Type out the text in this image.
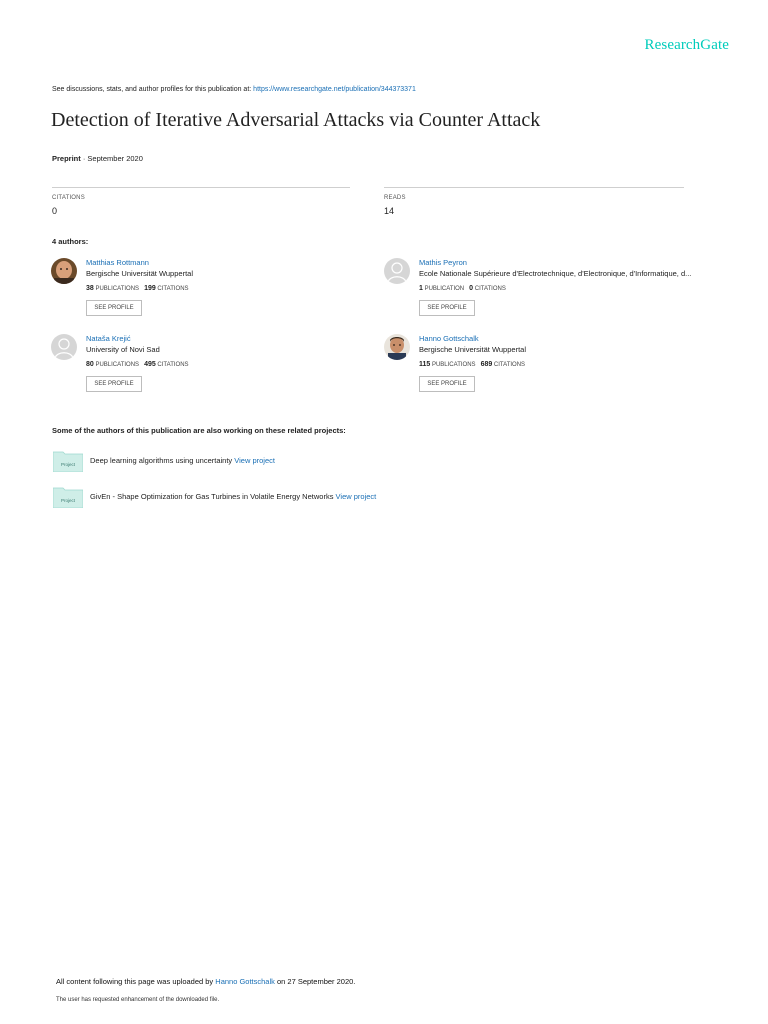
ResearchGate
See discussions, stats, and author profiles for this publication at: https://www.researchgate.net/publication/344373371
Detection of Iterative Adversarial Attacks via Counter Attack
Preprint · September 2020
CITATIONS
0
READS
14
4 authors:
Matthias Rottmann
Bergische Universität Wuppertal
38 PUBLICATIONS 199 CITATIONS
SEE PROFILE
Mathis Peyron
Ecole Nationale Supérieure d'Electrotechnique, d'Electronique, d'Informatique, d...
1 PUBLICATION 0 CITATIONS
SEE PROFILE
Nataša Krejić
University of Novi Sad
80 PUBLICATIONS 495 CITATIONS
SEE PROFILE
Hanno Gottschalk
Bergische Universität Wuppertal
115 PUBLICATIONS 689 CITATIONS
SEE PROFILE
Some of the authors of this publication are also working on these related projects:
Project Deep learning algorithms using uncertainty View project
Project GivEn - Shape Optimization for Gas Turbines in Volatile Energy Networks View project
All content following this page was uploaded by Hanno Gottschalk on 27 September 2020.
The user has requested enhancement of the downloaded file.
